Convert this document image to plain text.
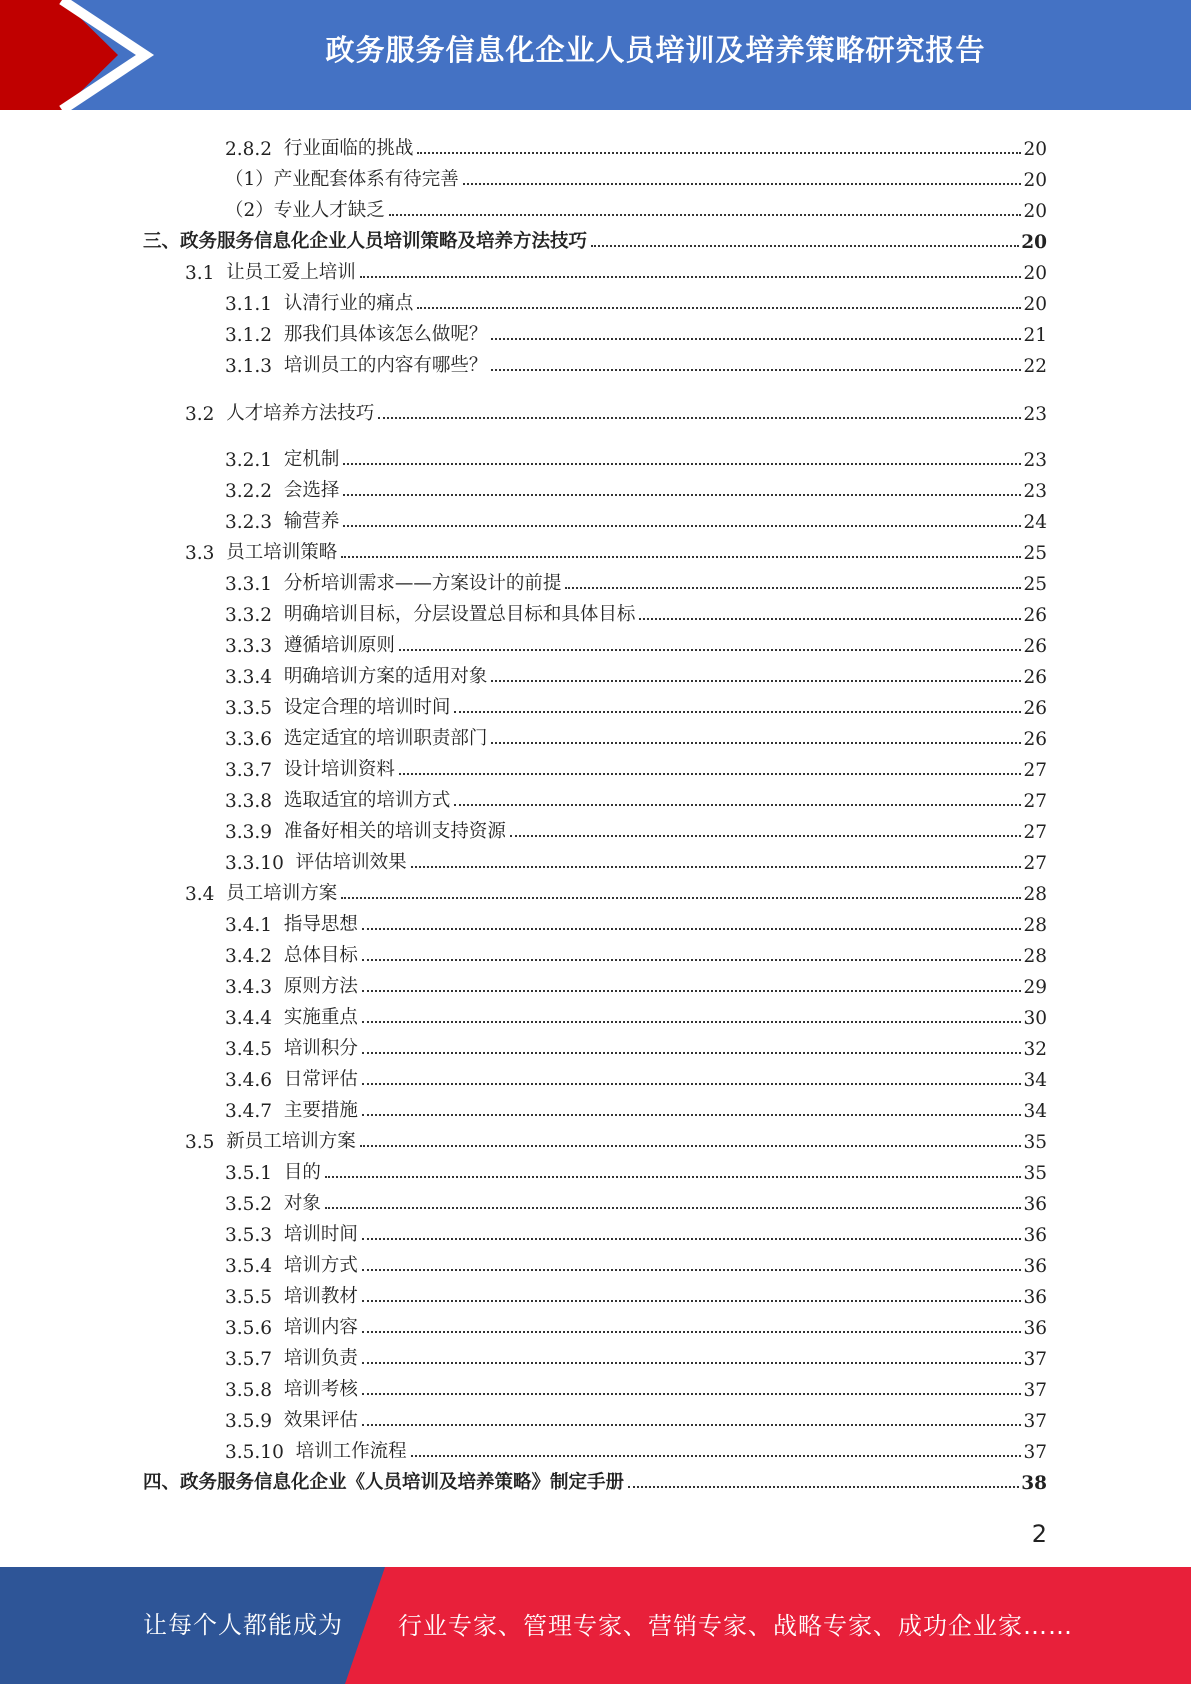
政务服务信息化企业人员培训及培养策略研究报告
2.8.2 行业面临的挑战	20
（1）产业配套体系有待完善	20
（2）专业人才缺乏	20
三、政务服务信息化企业人员培训策略及培养方法技巧	20
3.1 让员工爱上培训	20
3.1.1 认清行业的痛点	20
3.1.2 那我们具体该怎么做呢？	21
3.1.3 培训员工的内容有哪些？	22
3.2 人才培养方法技巧	23
3.2.1 定机制	23
3.2.2 会选择	23
3.2.3 输营养	24
3.3 员工培训策略	25
3.3.1 分析培训需求——方案设计的前提	25
3.3.2 明确培训目标，分层设置总目标和具体目标	26
3.3.3 遵循培训原则	26
3.3.4 明确培训方案的适用对象	26
3.3.5 设定合理的培训时间	26
3.3.6 选定适宜的培训职责部门	26
3.3.7 设计培训资料	27
3.3.8 选取适宜的培训方式	27
3.3.9 准备好相关的培训支持资源	27
3.3.10 评估培训效果	27
3.4 员工培训方案	28
3.4.1 指导思想	28
3.4.2 总体目标	28
3.4.3 原则方法	29
3.4.4 实施重点	30
3.4.5 培训积分	32
3.4.6 日常评估	34
3.4.7 主要措施	34
3.5 新员工培训方案	35
3.5.1 目的	35
3.5.2 对象	36
3.5.3 培训时间	36
3.5.4 培训方式	36
3.5.5 培训教材	36
3.5.6 培训内容	36
3.5.7 培训负责	37
3.5.8 培训考核	37
3.5.9 效果评估	37
3.5.10 培训工作流程	37
四、政务服务信息化企业《人员培训及培养策略》制定手册	38
2
让每个人都能成为 行业专家、管理专家、营销专家、战略专家、成功企业家……
